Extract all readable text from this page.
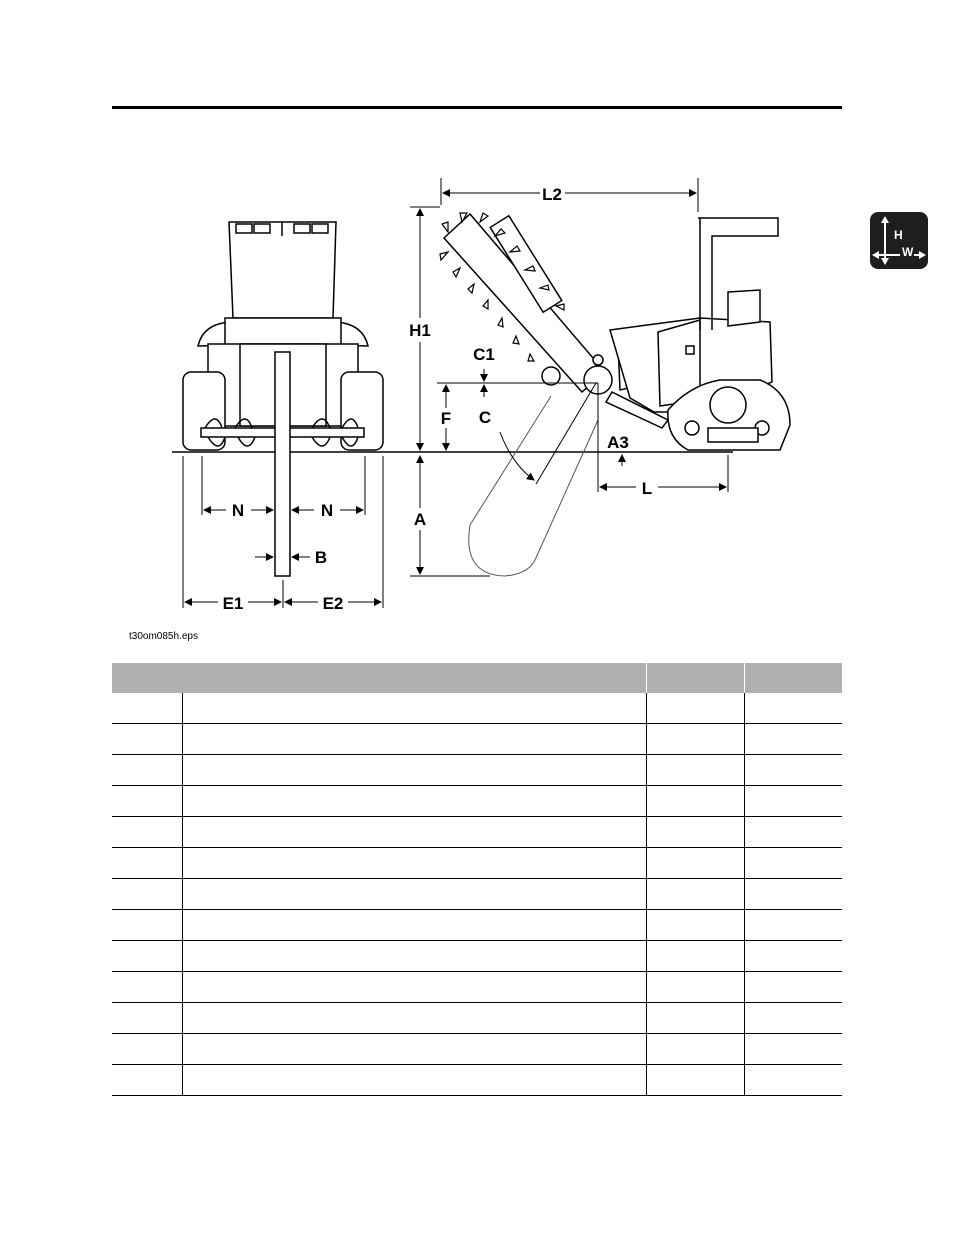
H
W
L2
H1
C1
F C
A3
L
A
N	N
B
E1	E2
t30om085h.eps
